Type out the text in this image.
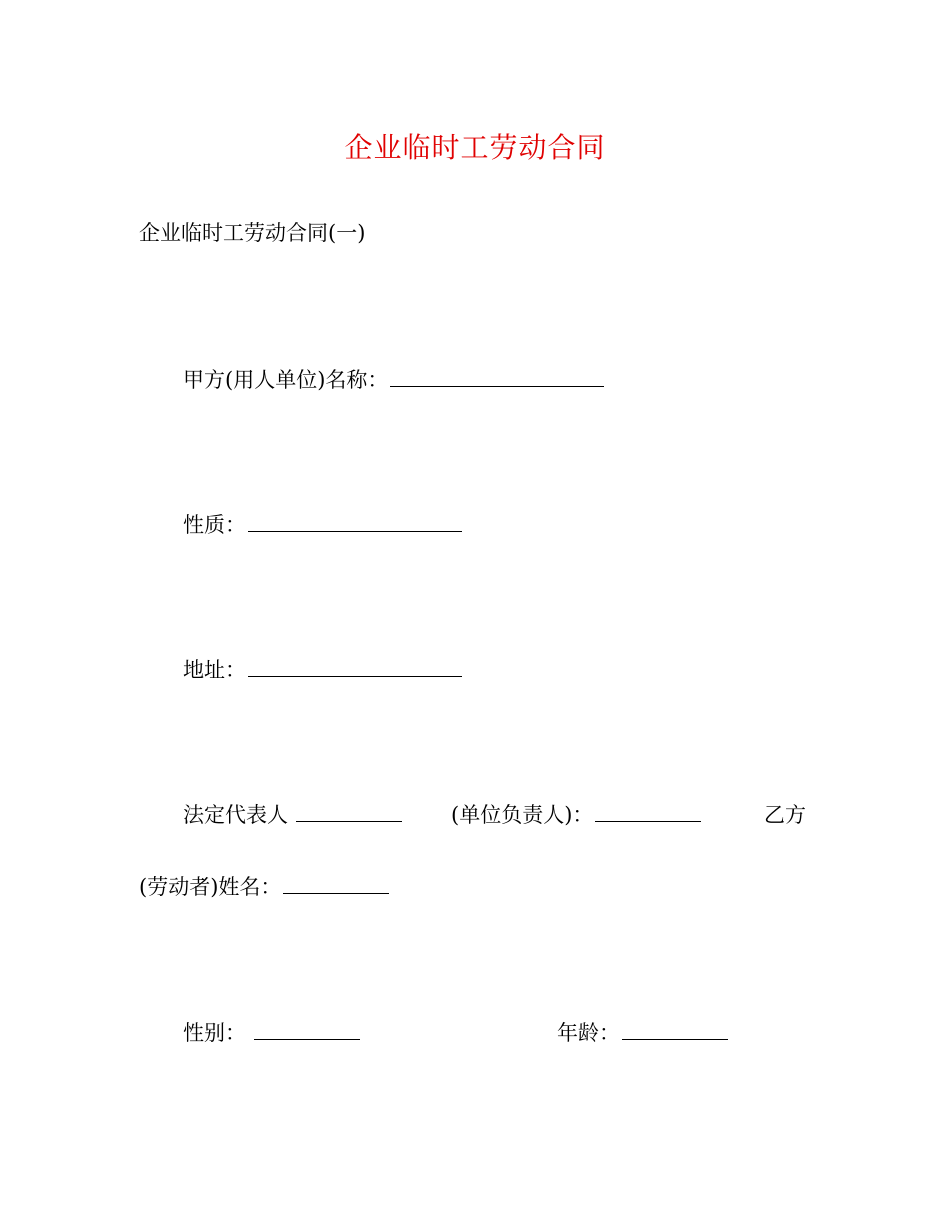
企业临时工劳动合同
企业临时工劳动合同(一)
甲方(用人单位)名称：
性质：
地址：
法定代表人	(单位负责人)：	乙方
(劳动者)姓名：
性别：	年龄：
